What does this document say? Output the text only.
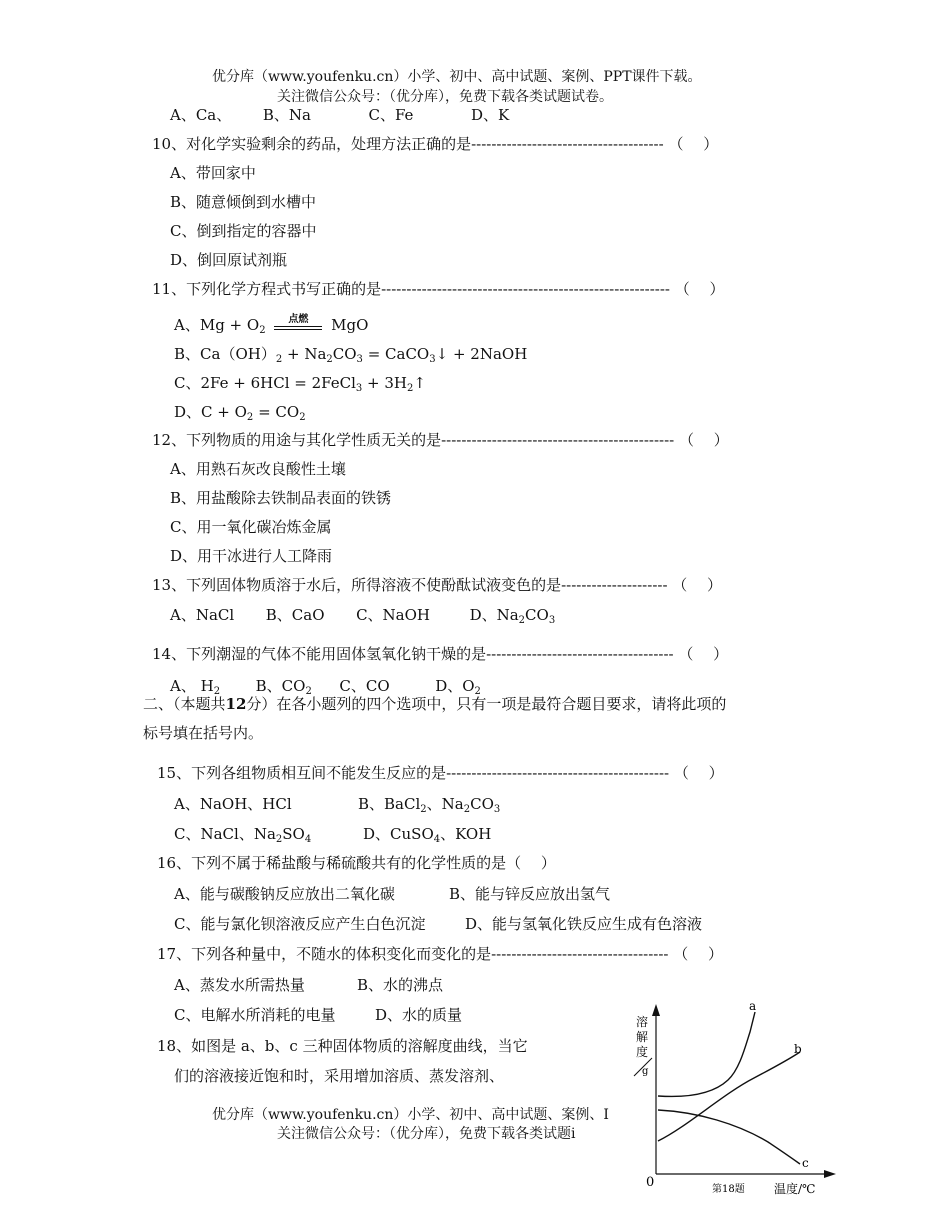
优分库（www.youfenku.cn）小学、初中、高中试题、案例、PPT课件下载。
关注微信公众号：（优分库），免费下载各类试题试卷。
A、Ca、 B、Na	C、Fe	D、K
10、对化学实验剩余的药品，处理方法正确的是-------------------------------------- （　 ）
A、带回家中
B、随意倾倒到水槽中
C、倒到指定的容器中
D、倒回原试剂瓶
11、下列化学方程式书写正确的是--------------------------------------------------------- （　 ）
A、$Mg + O_2$
点燃	MgO
B、$Ca(OH)_2 + Na_2CO_3$ = CaCO$_3$↓ + 2NaOH
C、2Fe + 6HCl = 2FeCl$_3$ + $3H_2↑$
D、$C + O_2 = CO_2$
12、下列物质的用途与其化学性质无关的是---------------------------------------------- （　 ）
A、用熟石灰改良酸性土壤
B、用盐酸除去铁制品表面的铁锈
C、用一氧化碳冶炼金属
D、用干冰进行人工降雨
13、下列固体物质溶于水后，所得溶液不使酚酞试液变色的是--------------------- （　 ）
A、NaCl B、CaO C、NaOH	D、$Na_2CO_3$
14、下列潮湿的气体不能用固体氢氧化钠干燥的是------------------------------------- （　 ）
A、 $H_2$ B、$CO_2$ C、CO	D、$O_2$
二、（本题共12分）在各小题列的四个选项中，只有一项是最符合题目要求，请将此项的
标号填在括号内。
15、下列各组物质相互间不能发生反应的是-------------------------------------------- （　 ）
A、NaOH、HCl	B、BaCl$_2$、$Na_2CO_3$
C、NaCl、$Na_2SO_4$	D、CuSO$_4$、KOH
16、下列不属于稀盐酸与稀硫酸共有的化学性质的是（　 ）
A、能与碳酸钠反应放出二氧化碳	B、能与锌反应放出氢气
C、能与氯化钡溶液反应产生白色沉淀	D、能与氢氧化铁反应生成有色溶液
17、下列各种量中，不随水的体积变化而变化的是----------------------------------- （　 ）
A、蒸发水所需热量	B、水的沸点
C、电解水所消耗的电量	D、水的质量
18、如图是 a、b、c 三种固体物质的溶解度曲线，当它
们的溶液接近饱和时，采用增加溶质、蒸发溶剂、
优分库（www.youfenku.cn）小学、初中、高中试题、案例、I
关注微信公众号：（优分库），免费下载各类试题i
溶
解
度
g
0	第18题 温度/℃
a
b
c
